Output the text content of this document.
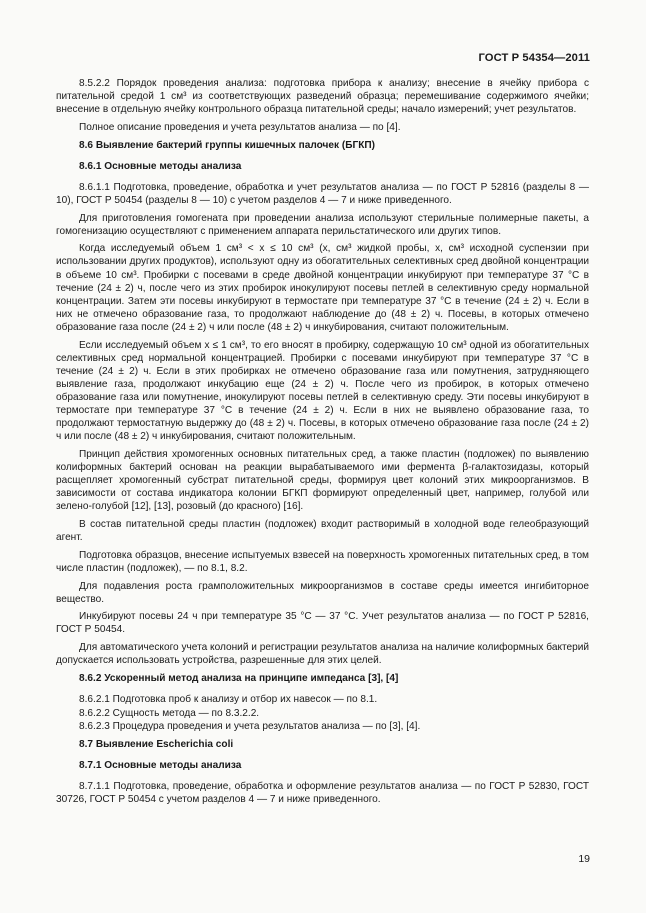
ГОСТ Р 54354—2011

8.5.2.2 Порядок проведения анализа: подготовка прибора к анализу; внесение в ячейку прибора с питательной средой 1 см³ из соответствующих разведений образца; перемешивание содержимого ячейки; внесение в отдельную ячейку контрольного образца питательной среды; начало измерений; учет результатов.

Полное описание проведения и учета результатов анализа — по [4].

8.6 Выявление бактерий группы кишечных палочек (БГКП)

8.6.1 Основные методы анализа

8.6.1.1 Подготовка, проведение, обработка и учет результатов анализа — по ГОСТ Р 52816 (разделы 8 — 10), ГОСТ Р 50454 (разделы 8 — 10) с учетом разделов 4 — 7 и ниже приведенного.

Для приготовления гомогената при проведении анализа используют стерильные полимерные пакеты, а гомогенизацию осуществляют с применением аппарата перильстатического или других типов.

Когда исследуемый объем 1 см³ < x ≤ 10 см³ (x, см³ жидкой пробы, x, см³ исходной суспензии при использовании других продуктов), используют одну из обогатительных селективных сред двойной концентрации в объеме 10 см³. Пробирки с посевами в среде двойной концентрации инкубируют при температуре 37 °С в течение (24 ± 2) ч, после чего из этих пробирок инокулируют посевы петлей в селективную среду нормальной концентрации. Затем эти посевы инкубируют в термостате при температуре 37 °С в течение (24 ± 2) ч. Если в них не отмечено образование газа, то продолжают наблюдение до (48 ± 2) ч. Посевы, в которых отмечено образование газа после (24 ± 2) ч или после (48 ± 2) ч инкубирования, считают положительным.

Если исследуемый объем x ≤ 1 см³, то его вносят в пробирку, содержащую 10 см³ одной из обогатительных селективных сред нормальной концентрацией. Пробирки с посевами инкубируют при температуре 37 °С в течение (24 ± 2) ч. Если в этих пробирках не отмечено образование газа или помутнения, затрудняющего выявление газа, продолжают инкубацию еще (24 ± 2) ч. После чего из пробирок, в которых отмечено образование газа или помутнение, инокулируют посевы петлей в селективную среду. Эти посевы инкубируют в термостате при температуре 37 °С в течение (24 ± 2) ч. Если в них не выявлено образование газа, то продолжают термостатную выдержку до (48 ± 2) ч. Посевы, в которых отмечено образование газа после (24 ± 2) ч или после (48 ± 2) ч инкубирования, считают положительным.

Принцип действия хромогенных основных питательных сред, а также пластин (подложек) по выявлению колиформных бактерий основан на реакции вырабатываемого ими фермента β-галактозидазы, который расщепляет хромогенный субстрат питательной среды, формируя цвет колоний этих микроорганизмов. В зависимости от состава индикатора колонии БГКП формируют определенный цвет, например, голубой или зелено-голубой [12], [13], розовый (до красного) [16].

В состав питательной среды пластин (подложек) входит растворимый в холодной воде гелеобразующий агент.

Подготовка образцов, внесение испытуемых взвесей на поверхность хромогенных питательных сред, в том числе пластин (подложек), — по 8.1, 8.2.

Для подавления роста грамположительных микроорганизмов в составе среды имеется ингибиторное вещество.

Инкубируют посевы 24 ч при температуре 35 °С — 37 °С. Учет результатов анализа — по ГОСТ Р 52816, ГОСТ Р 50454.

Для автоматического учета колоний и регистрации результатов анализа на наличие колиформных бактерий допускается использовать устройства, разрешенные для этих целей.

8.6.2 Ускоренный метод анализа на принципе импеданса [3], [4]

8.6.2.1 Подготовка проб к анализу и отбор их навесок — по 8.1.

8.6.2.2 Сущность метода — по 8.3.2.2.

8.6.2.3 Процедура проведения и учета результатов анализа — по [3], [4].

8.7 Выявление Escherichia coli

8.7.1 Основные методы анализа

8.7.1.1 Подготовка, проведение, обработка и оформление результатов анализа — по ГОСТ Р 52830, ГОСТ 30726, ГОСТ Р 50454 с учетом разделов 4 — 7 и ниже приведенного.

19
